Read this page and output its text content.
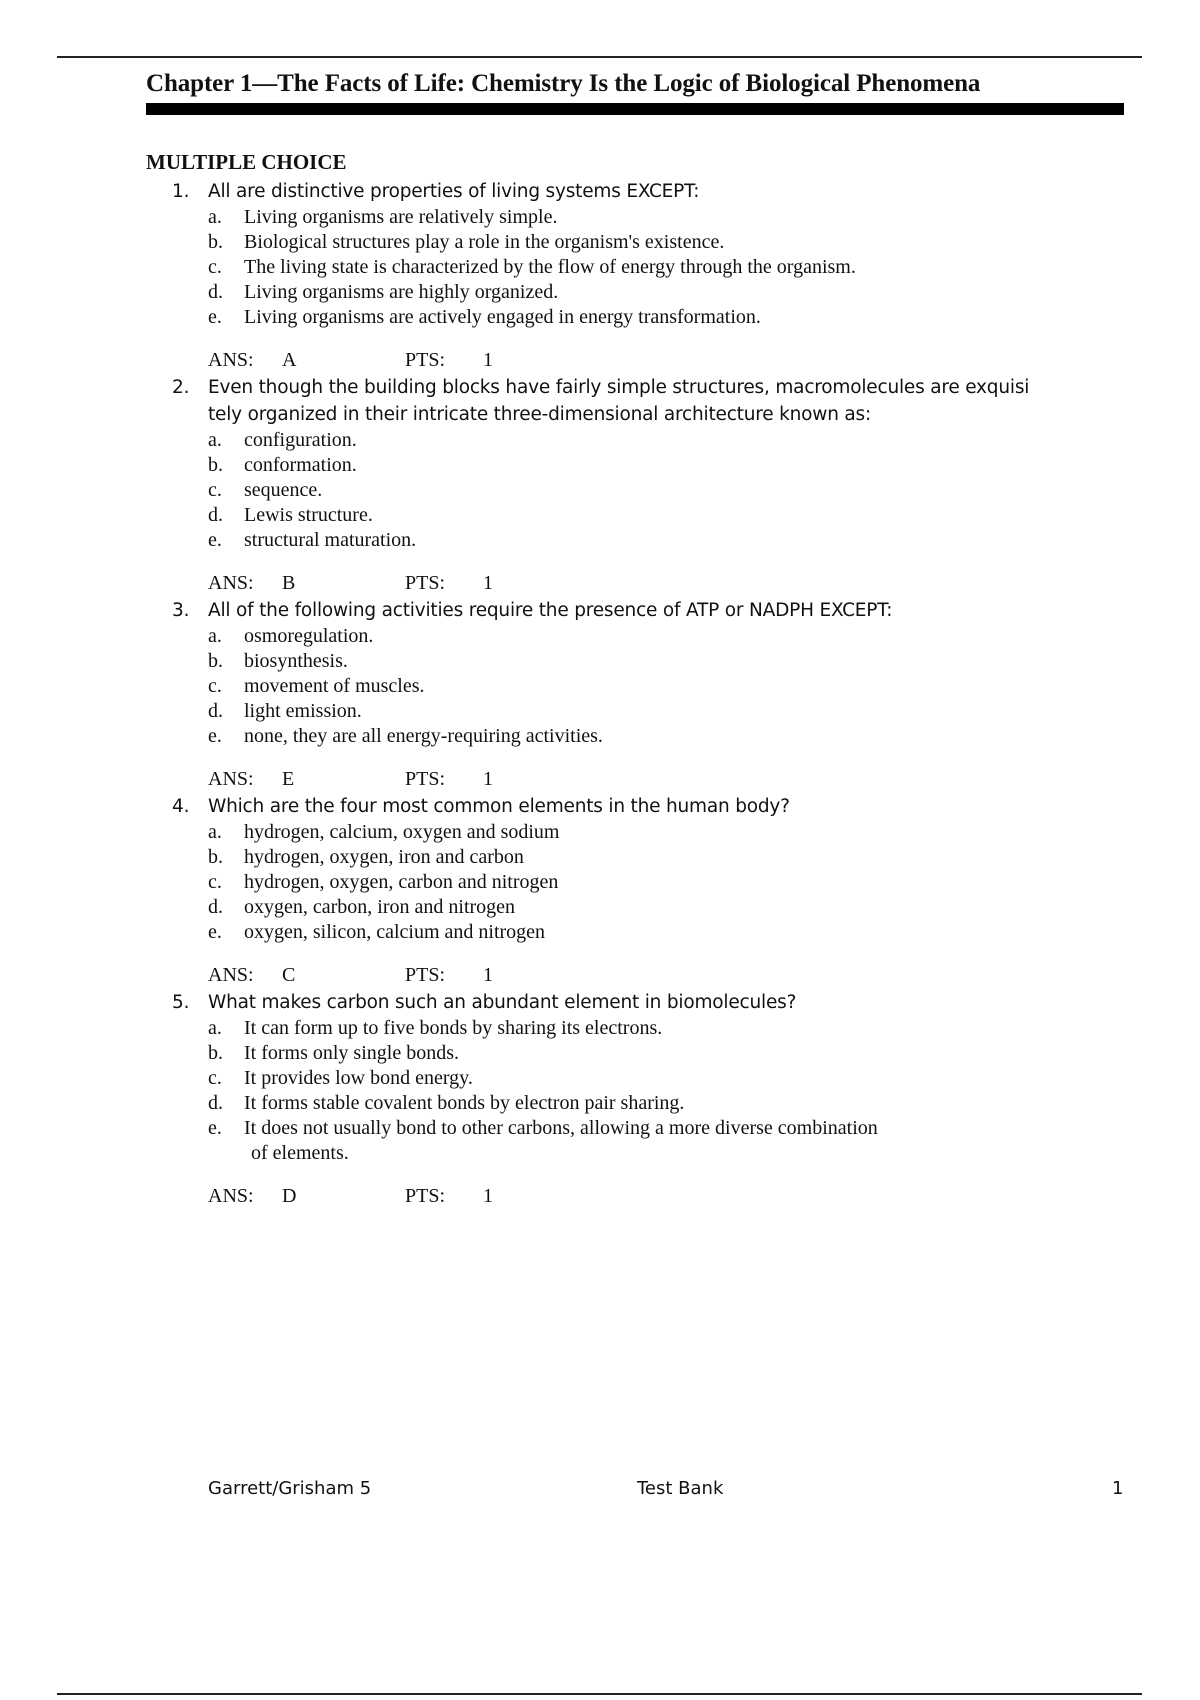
Chapter 1—The Facts of Life: Chemistry Is the Logic of Biological Phenomena
MULTIPLE CHOICE
1. All are distinctive properties of living systems EXCEPT:
a. Living organisms are relatively simple.
b. Biological structures play a role in the organism's existence.
c. The living state is characterized by the flow of energy through the organism.
d. Living organisms are highly organized.
e. Living organisms are actively engaged in energy transformation.
ANS: A	PTS: 1
2. Even though the building blocks have fairly simple structures, macromolecules are exquisi
tely organized in their intricate three-dimensional architecture known as:
a. configuration.
b. conformation.
c. sequence.
d. Lewis structure.
e. structural maturation.
ANS: B	PTS: 1
3. All of the following activities require the presence of ATP or NADPH EXCEPT:
a. osmoregulation.
b. biosynthesis.
c. movement of muscles.
d. light emission.
e. none, they are all energy-requiring activities.
ANS: E	PTS: 1
4. Which are the four most common elements in the human body?
a. hydrogen, calcium, oxygen and sodium
b. hydrogen, oxygen, iron and carbon
c. hydrogen, oxygen, carbon and nitrogen
d. oxygen, carbon, iron and nitrogen
e. oxygen, silicon, calcium and nitrogen
ANS: C	PTS: 1
5. What makes carbon such an abundant element in biomolecules?
a. It can form up to five bonds by sharing its electrons.
b. It forms only single bonds.
c. It provides low bond energy.
d. It forms stable covalent bonds by electron pair sharing.
e. It does not usually bond to other carbons, allowing a more diverse combination
of elements.
ANS: D	PTS: 1
Garrett/Grisham 5	Test Bank	1
